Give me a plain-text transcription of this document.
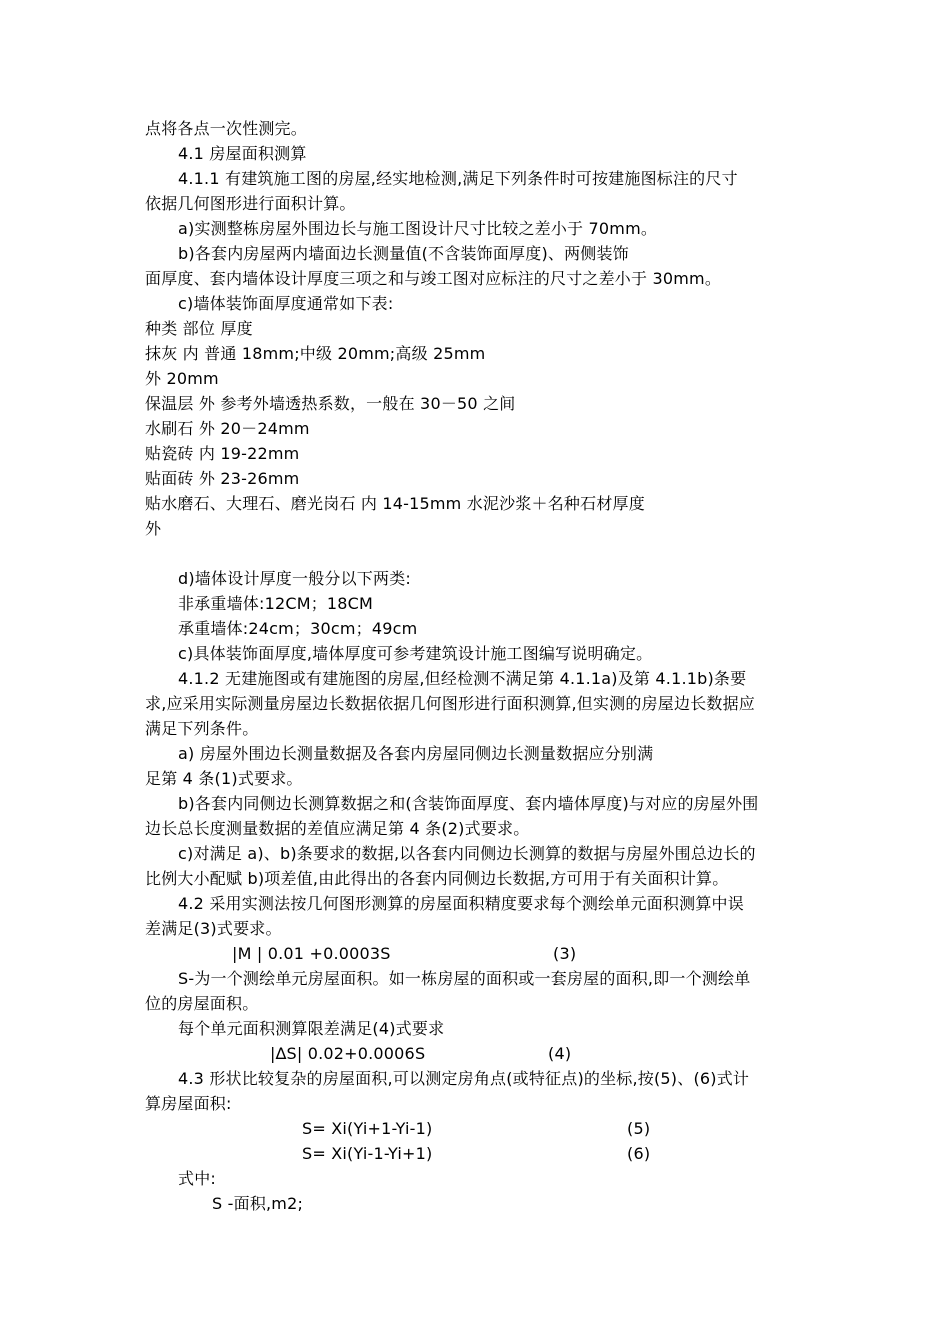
点将各点一次性测完。

4.1 房屋面积测算

4.1.1 有建筑施工图的房屋,经实地检测,满足下列条件时可按建施图标注的尺寸

依据几何图形进行面积计算。

a)实测整栋房屋外围边长与施工图设计尺寸比较之差小于 70mm。

b)各套内房屋两内墙面边长测量值(不含装饰面厚度)、两侧装饰

面厚度、套内墙体设计厚度三项之和与竣工图对应标注的尺寸之差小于 30mm。

c)墙体装饰面厚度通常如下表:

种类 部位 厚度

抹灰 内 普通 18mm;中级 20mm;高级 25mm

外 20mm

保温层 外 参考外墙透热系数，一般在 30－50 之间

水刷石 外 20－24mm

贴瓷砖 内 19-22mm

贴面砖 外 23-26mm

贴水磨石、大理石、磨光岗石 内 14-15mm 水泥沙浆＋名种石材厚度

外

d)墙体设计厚度一般分以下两类:

非承重墙体:12CM；18CM

承重墙体:24cm；30cm；49cm

c)具体装饰面厚度,墙体厚度可参考建筑设计施工图编写说明确定。

4.1.2 无建施图或有建施图的房屋,但经检测不满足第 4.1.1a)及第 4.1.1b)条要

求,应采用实际测量房屋边长数据依据几何图形进行面积测算,但实测的房屋边长数据应

满足下列条件。

a) 房屋外围边长测量数据及各套内房屋同侧边长测量数据应分别满

足第 4 条(1)式要求。

b)各套内同侧边长测算数据之和(含装饰面厚度、套内墙体厚度)与对应的房屋外围

边长总长度测量数据的差值应满足第 4 条(2)式要求。

c)对满足 a)、b)条要求的数据,以各套内同侧边长测算的数据与房屋外围总边长的

比例大小配赋 b)项差值,由此得出的各套内同侧边长数据,方可用于有关面积计算。

4.2 采用实测法按几何图形测算的房屋面积精度要求每个测绘单元面积测算中误

差满足(3)式要求。

|M | 0.01 +0.0003S	(3)

S-为一个测绘单元房屋面积。如一栋房屋的面积或一套房屋的面积,即一个测绘单

位的房屋面积。

每个单元面积测算限差满足(4)式要求

|∆S| 0.02+0.0006S	(4)

4.3 形状比较复杂的房屋面积,可以测定房角点(或特征点)的坐标,按(5)、(6)式计

算房屋面积:

S= Xi(Yi+1-Yi-1)	(5)

S= Xi(Yi-1-Yi+1)	(6)

式中:

S -面积,m2;
